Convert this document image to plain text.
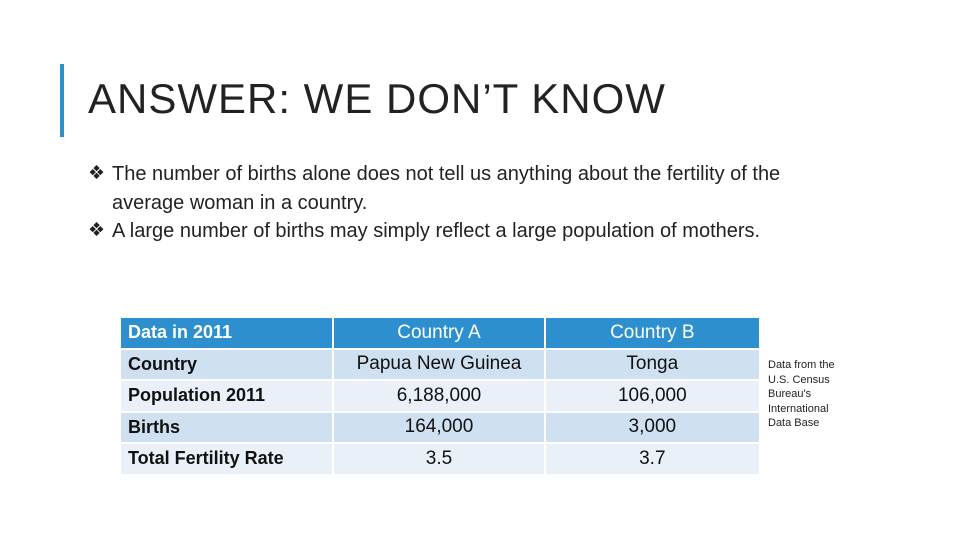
ANSWER: WE DON’T KNOW
❖ The number of births alone does not tell us anything about the fertility of the average woman in a country.
❖ A large number of births may simply reflect a large population of mothers.
Data in 2011	Country A	Country B
Country	Papua New Guinea	Tonga
Population 2011	6,188,000	106,000
Births	164,000	3,000
Total Fertility Rate	3.5	3.7
Data from the U.S. Census Bureau's International Data Base
